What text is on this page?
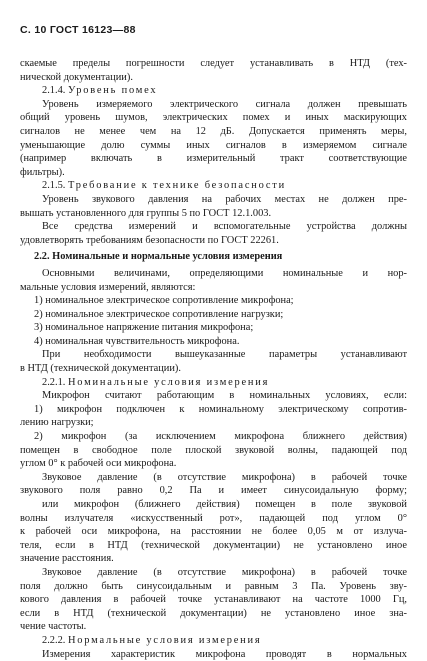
С. 10 ГОСТ 16123—88
скаемые пределы погрешности следует устанавливать в НТД (тех-
нической документации).
2.1.4. Уровень помех
Уровень измеряемого электрического сигнала должен превышать
общий уровень шумов, электрических помех и иных маскирующих
сигналов не менее чем на 12 дБ. Допускается применять меры,
уменьшающие долю суммы иных сигналов в измеряемом сигнале
(например включать в измерительный тракт соответствующие
фильтры).
2.1.5. Требование к технике безопасности
Уровень звукового давления на рабочих местах не должен пре-
вышать установленного для группы 5 по ГОСТ 12.1.003.
Все средства измерений и вспомогательные устройства должны
удовлетворять требованиям безопасности по ГОСТ 22261.
2.2. Номинальные и нормальные условия измерения
Основными величинами, определяющими номинальные и нор-
мальные условия измерений, являются:
1) номинальное электрическое сопротивление микрофона;
2) номинальное электрическое сопротивление нагрузки;
3) номинальное напряжение питания микрофона;
4) номинальная чувствительность микрофона.
При необходимости вышеуказанные параметры устанавливают
в НТД (технической документации).
2.2.1. Номинальные условия измерения
Микрофон считают работающим в номинальных условиях, если:
1) микрофон подключен к номинальному электрическому сопротив-
лению нагрузки;
2) микрофон (за исключением микрофона ближнего действия)
помещен в свободное поле плоской звуковой волны, падающей под
углом 0° к рабочей оси микрофона.
Звуковое давление (в отсутствие микрофона) в рабочей точке
звукового поля равно 0,2 Па и имеет синусоидальную форму;
или микрофон (ближнего действия) помещен в поле звуковой
волны излучателя «искусственный рот», падающей под углом 0°
к рабочей оси микрофона, на расстоянии не более 0,05 м от излуча-
теля, если в НТД (технической документации) не установлено иное
значение расстояния.
Звуковое давление (в отсутствие микрофона) в рабочей точке
поля должно быть синусоидальным и равным 3 Па. Уровень зву-
кового давления в рабочей точке устанавливают на частоте 1000 Гц,
если в НТД (технической документации) не установлено иное зна-
чение частоты.
2.2.2. Нормальные условия измерения
Измерения характеристик микрофона проводят в нормальных
